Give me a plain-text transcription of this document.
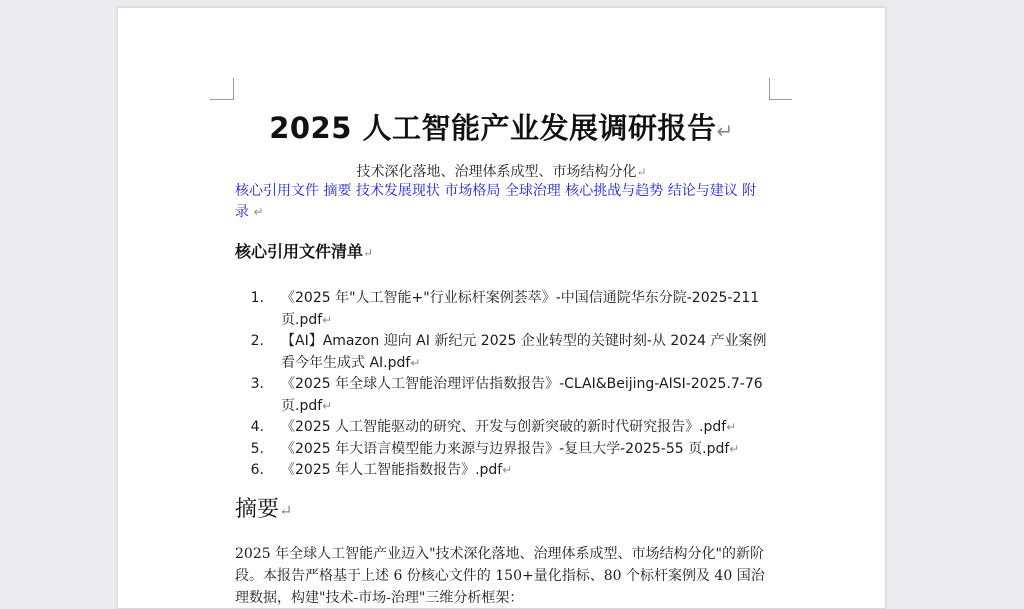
2025 人工智能产业发展调研报告↵
技术深化落地、治理体系成型、市场结构分化↵
核心引用文件 摘要 技术发展现状 市场格局 全球治理 核心挑战与趋势 结论与建议 附录 ↵
核心引用文件清单↵
1.	《2025 年"人工智能+"行业标杆案例荟萃》-中国信通院华东分院-2025-211 页.pdf↵
2.	【AI】Amazon 迎向 AI 新纪元 2025 企业转型的关键时刻-从 2024 产业案例看今年生成式 AI.pdf↵
3.	《2025 年全球人工智能治理评估指数报告》-CLAI&Beijing-AISI-2025.7-76 页.pdf↵
4.	《2025 人工智能驱动的研究、开发与创新突破的新时代研究报告》.pdf↵
5.	《2025 年大语言模型能力来源与边界报告》-复旦大学-2025-55 页.pdf↵
6.	《2025 年人工智能指数报告》.pdf↵
摘要↵
2025 年全球人工智能产业迈入"技术深化落地、治理体系成型、市场结构分化"的新阶段。本报告严格基于上述 6 份核心文件的 150+量化指标、80 个标杆案例及 40 国治理数据，构建"技术-市场-治理"三维分析框架：
